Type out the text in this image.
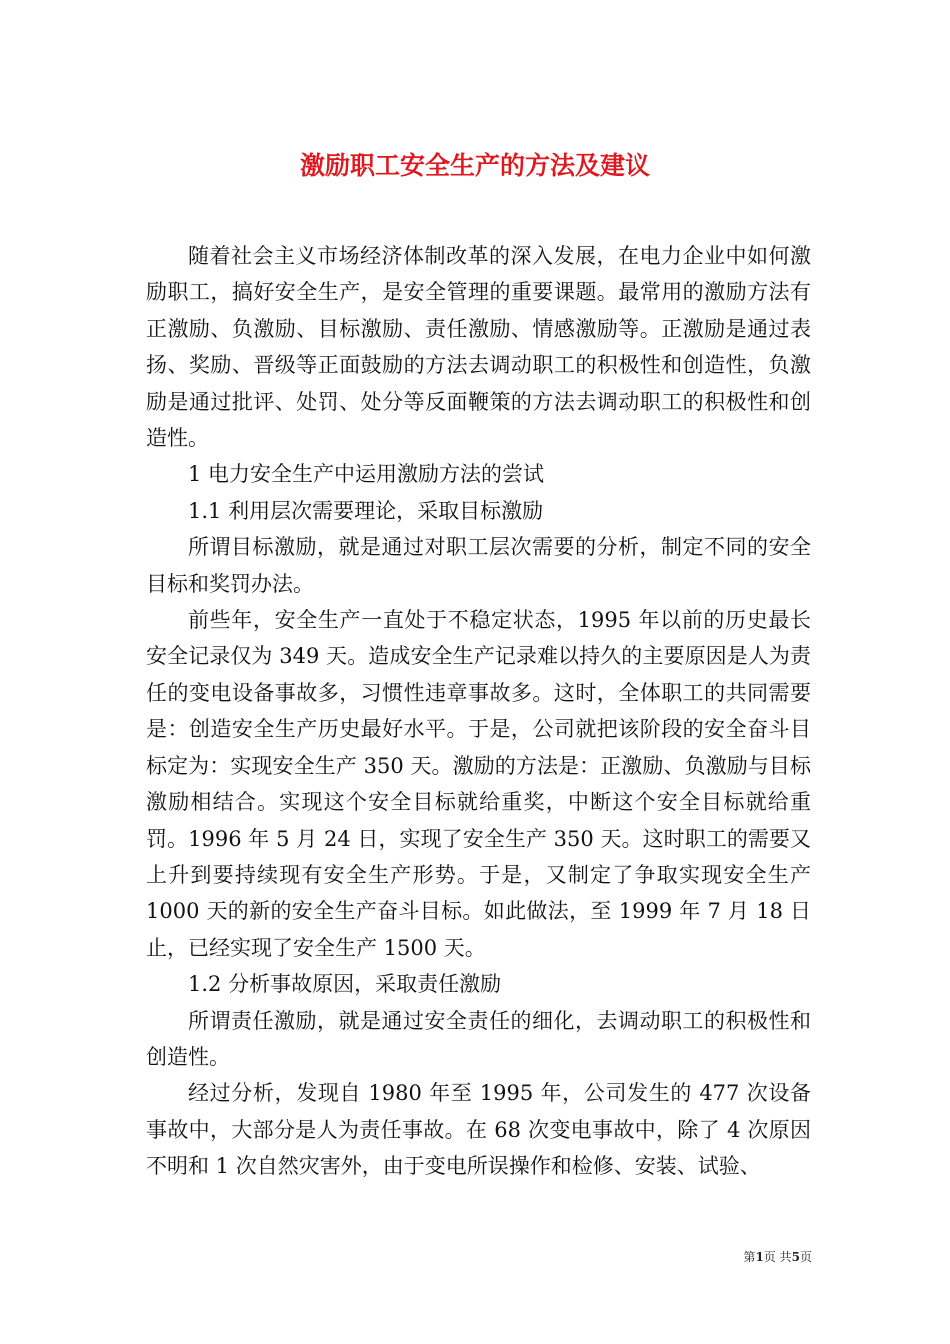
激励职工安全生产的方法及建议

随着社会主义市场经济体制改革的深入发展，在电力企业中如何激励职工，搞好安全生产，是安全管理的重要课题。最常用的激励方法有正激励、负激励、目标激励、责任激励、情感激励等。正激励是通过表扬、奖励、晋级等正面鼓励的方法去调动职工的积极性和创造性，负激励是通过批评、处罚、处分等反面鞭策的方法去调动职工的积极性和创造性。

1 电力安全生产中运用激励方法的尝试

1.1 利用层次需要理论，采取目标激励

所谓目标激励，就是通过对职工层次需要的分析，制定不同的安全目标和奖罚办法。

前些年，安全生产一直处于不稳定状态，1995 年以前的历史最长安全记录仅为 349 天。造成安全生产记录难以持久的主要原因是人为责任的变电设备事故多，习惯性违章事故多。这时，全体职工的共同需要是：创造安全生产历史最好水平。于是，公司就把该阶段的安全奋斗目标定为：实现安全生产 350 天。激励的方法是：正激励、负激励与目标激励相结合。实现这个安全目标就给重奖，中断这个安全目标就给重罚。1996 年 5 月 24 日，实现了安全生产 350 天。这时职工的需要又上升到要持续现有安全生产形势。于是，又制定了争取实现安全生产 1000 天的新的安全生产奋斗目标。如此做法，至 1999 年 7 月 18 日止，已经实现了安全生产 1500 天。

1.2 分析事故原因，采取责任激励

所谓责任激励，就是通过安全责任的细化，去调动职工的积极性和创造性。

经过分析，发现自 1980 年至 1995 年，公司发生的 477 次设备事故中，大部分是人为责任事故。在 68 次变电事故中，除了 4 次原因不明和 1 次自然灾害外，由于变电所误操作和检修、安装、试验、

第1页 共5页
